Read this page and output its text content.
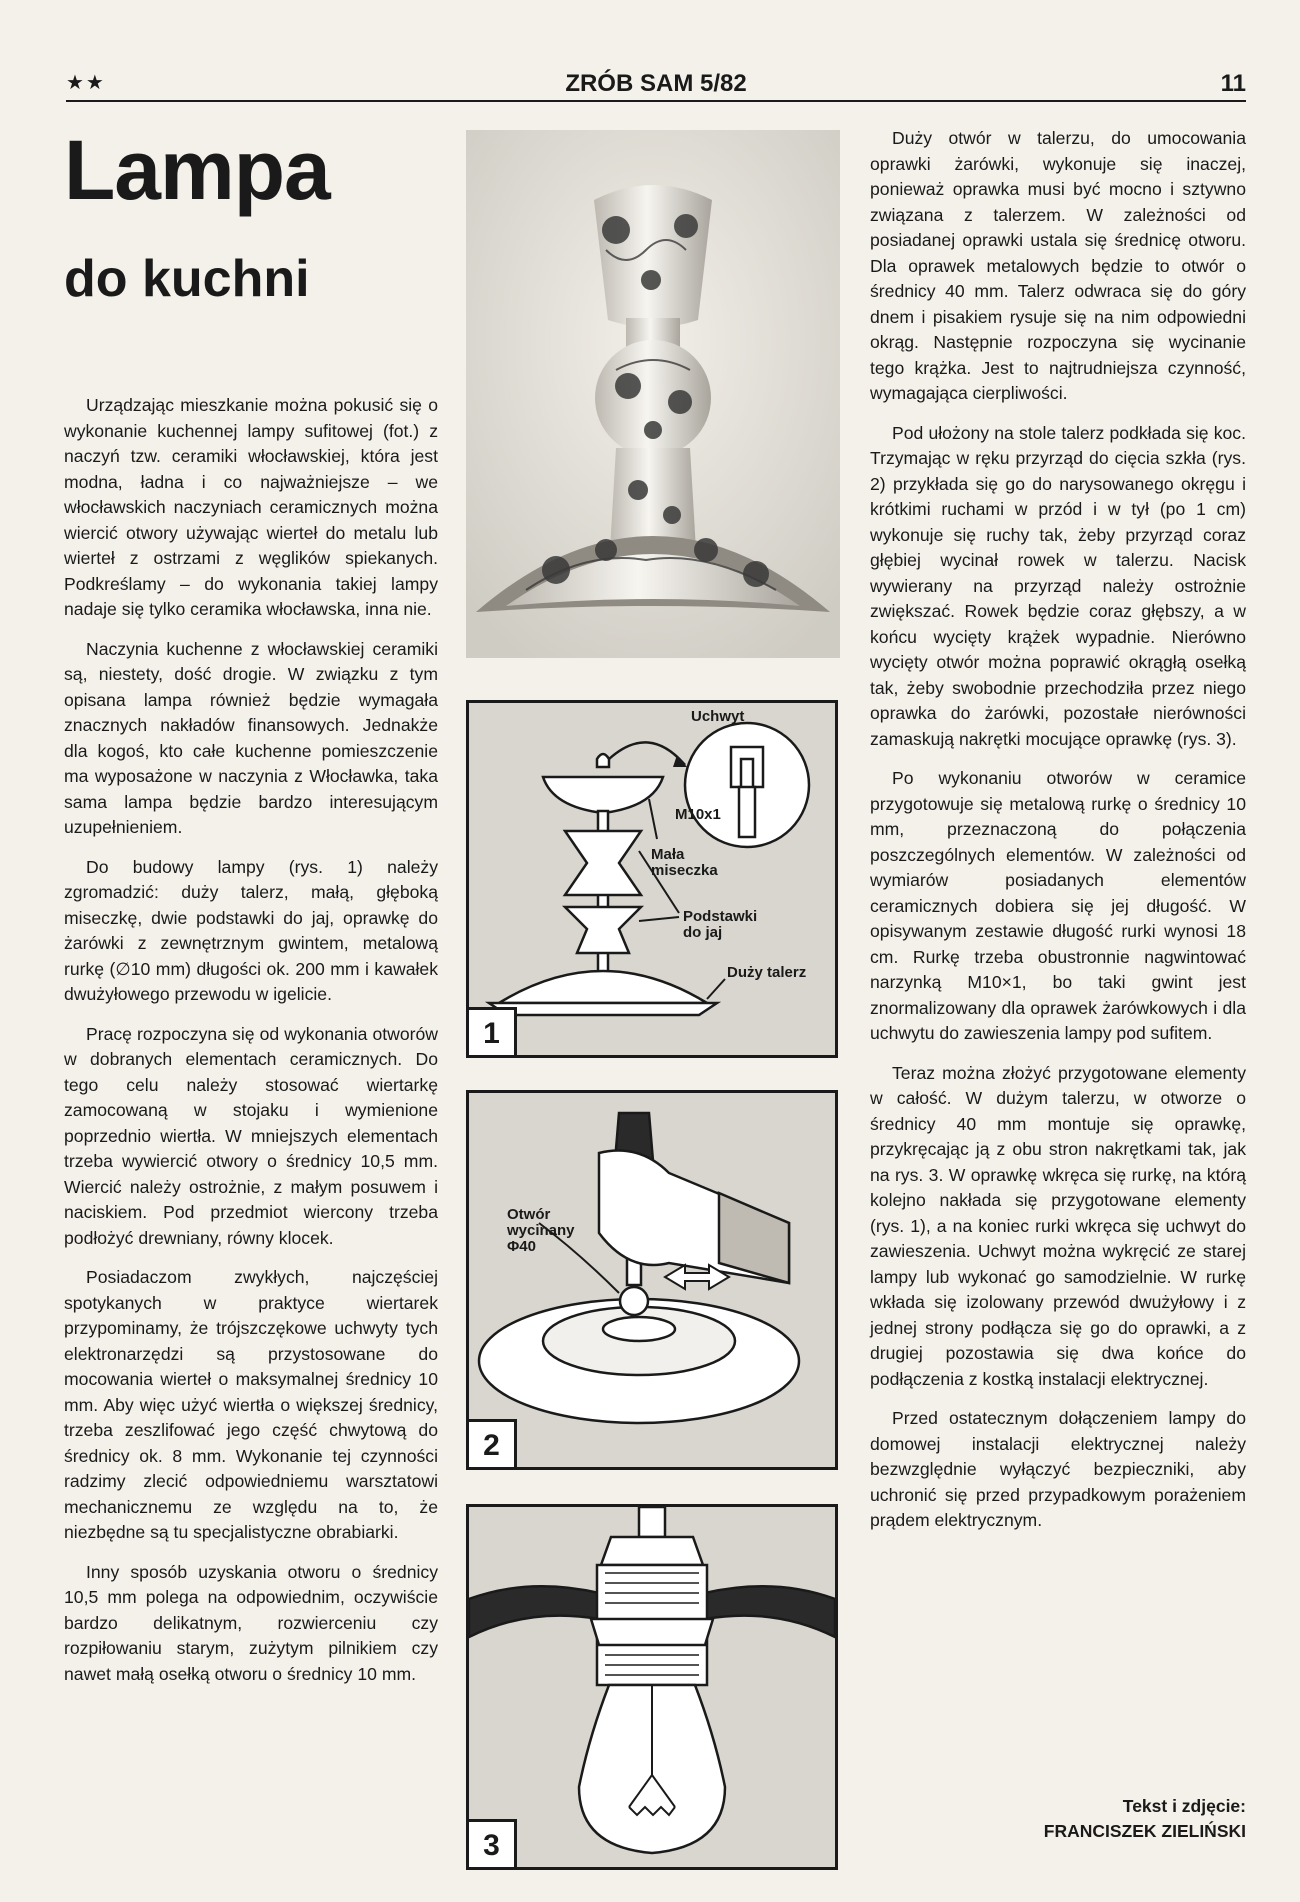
★★	ZRÓB SAM 5/82	11
Lampa
do kuchni

Urządzając mieszkanie można pokusić się o wykonanie kuchennej lampy sufitowej (fot.) z naczyń tzw. ceramiki włocławskiej, która jest modna, ładna i co najważniejsze – we włocławskich naczyniach ceramicznych można wiercić otwory używając wierteł do metalu lub wierteł z ostrzami z węglików spiekanych. Podkreślamy – do wykonania takiej lampy nadaje się tylko ceramika włocławska, inna nie.

Naczynia kuchenne z włocławskiej ceramiki są, niestety, dość drogie. W związku z tym opisana lampa również będzie wymagała znacznych nakładów finansowych. Jednakże dla kogoś, kto całe kuchenne pomieszczenie ma wyposażone w naczynia z Włocławka, taka sama lampa będzie bardzo interesującym uzupełnieniem.

Do budowy lampy (rys. 1) należy zgromadzić: duży talerz, małą, głęboką miseczkę, dwie podstawki do jaj, oprawkę do żarówki z zewnętrznym gwintem, metalową rurkę (∅10 mm) długości ok. 200 mm i kawałek dwużyłowego przewodu w igelicie.

Pracę rozpoczyna się od wykonania otworów w dobranych elementach ceramicznych. Do tego celu należy stosować wiertarkę zamocowaną w stojaku i wymienione poprzednio wiertła. W mniejszych elementach trzeba wywiercić otwory o średnicy 10,5 mm. Wiercić należy ostrożnie, z małym posuwem i naciskiem. Pod przedmiot wiercony trzeba podłożyć drewniany, równy klocek.

Posiadaczom zwykłych, najczęściej spotykanych w praktyce wiertarek przypominamy, że trójszczękowe uchwyty tych elektronarzędzi są przystosowane do mocowania wierteł o maksymalnej średnicy 10 mm. Aby więc użyć wiertła o większej średnicy, trzeba zeszlifować jego część chwytową do średnicy ok. 8 mm. Wykonanie tej czynności radzimy zlecić odpowiedniemu warsztatowi mechanicznemu ze względu na to, że niezbędne są tu specjalistyczne obrabiarki.

Inny sposób uzyskania otworu o średnicy 10,5 mm polega na odpowiednim, oczywiście bardzo delikatnym, rozwierceniu czy rozpiłowaniu starym, zużytym pilnikiem czy nawet małą osełką otworu o średnicy 10 mm.

Uchwyt
M10x1
Mała
miseczka
Podstawki
do jaj
Duży talerz
1
Otwór
wycinany
Φ40
2
3

Duży otwór w talerzu, do umocowania oprawki żarówki, wykonuje się inaczej, ponieważ oprawka musi być mocno i sztywno związana z talerzem. W zależności od posiadanej oprawki ustala się średnicę otworu. Dla oprawek metalowych będzie to otwór o średnicy 40 mm. Talerz odwraca się do góry dnem i pisakiem rysuje się na nim odpowiedni okrąg. Następnie rozpoczyna się wycinanie tego krążka. Jest to najtrudniejsza czynność, wymagająca cierpliwości.

Pod ułożony na stole talerz podkłada się koc. Trzymając w ręku przyrząd do cięcia szkła (rys. 2) przykłada się go do narysowanego okręgu i krótkimi ruchami w przód i w tył (po 1 cm) wykonuje się ruchy tak, żeby przyrząd coraz głębiej wycinał rowek w talerzu. Nacisk wywierany na przyrząd należy ostrożnie zwiększać. Rowek będzie coraz głębszy, a w końcu wycięty krążek wypadnie. Nierówno wycięty otwór można poprawić okrągłą osełką tak, żeby swobodnie przechodziła przez niego oprawka do żarówki, pozostałe nierówności zamaskują nakrętki mocujące oprawkę (rys. 3).

Po wykonaniu otworów w ceramice przygotowuje się metalową rurkę o średnicy 10 mm, przeznaczoną do połączenia poszczególnych elementów. W zależności od wymiarów posiadanych elementów ceramicznych dobiera się jej długość. W opisywanym zestawie długość rurki wynosi 18 cm. Rurkę trzeba obustronnie nagwintować narzynką M10×1, bo taki gwint jest znormalizowany dla oprawek żarówkowych i dla uchwytu do zawieszenia lampy pod sufitem.

Teraz można złożyć przygotowane elementy w całość. W dużym talerzu, w otworze o średnicy 40 mm montuje się oprawkę, przykręcając ją z obu stron nakrętkami tak, jak na rys. 3. W oprawkę wkręca się rurkę, na którą kolejno nakłada się przygotowane elementy (rys. 1), a na koniec rurki wkręca się uchwyt do zawieszenia. Uchwyt można wykręcić ze starej lampy lub wykonać go samodzielnie. W rurkę wkłada się izolowany przewód dwużyłowy i z jednej strony podłącza się go do oprawki, a z drugiej pozostawia się dwa końce do podłączenia z kostką instalacji elektrycznej.

Przed ostatecznym dołączeniem lampy do domowej instalacji elektrycznej należy bezwzględnie wyłączyć bezpieczniki, aby uchronić się przed przypadkowym porażeniem prądem elektrycznym.

Tekst i zdjęcie:
FRANCISZEK ZIELIŃSKI
